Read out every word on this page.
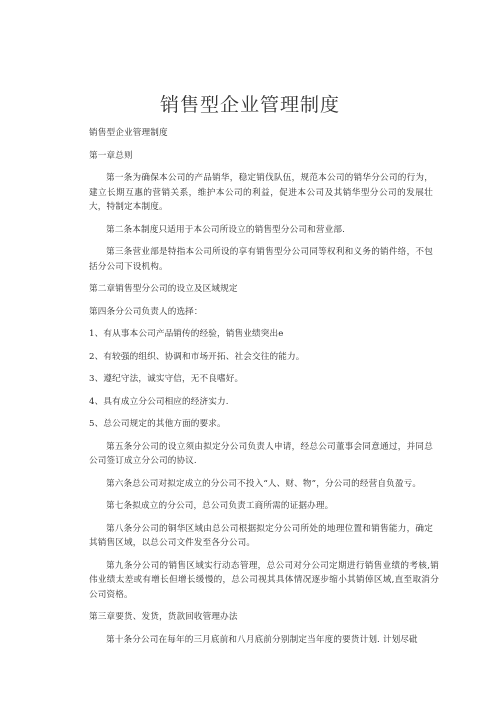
销售型企业管理制度

销售型企业管理制度

第一章总则

第一条为确保本公司的产品销华，稳定销伐队伍，规范本公司的销华分公司的行为，建立长期互惠的营销关系，维护本公司的利益，促进本公司及其销华型分公司的发展壮大，特制定本制度。

第二条本制度只适用于本公司所设立的销售型分公司和营业部.

第三条营业部是特指本公司所设的享有销售型分公司同等权利和义务的销件络，不包括分公司下设机构。

第二章销售型分公司的设立及区域规定

第四条分公司负责人的选择：

1、有从事本公司产品销传的经验，销售业绩突出e

2、有较强的组织、协调和市场开拓、社会交往的能力。

3、遵纪守法，诚实守信，无不良嗜好。

4、具有成立分公司相应的经济实力.

5、总公司规定的其他方面的要求。

第五条分公司的设立须由拟定分公司负责人申请，经总公司董事会同意通过，并同总公司签订成立分公司的协议.

第六条总公司对拟定成立的分公司不投入“人、财、物”，分公司的经营自负盈亏。

第七条拟成立的分公司，总公司负责工商所需的证据办理。

第八条分公司的铜华区域由总公司根据拟定分公司所处的地理位置和销售能力，确定其销售区域，以总公司文件发至各分公司。

第九条分公司的销售区域实行动态管理，总公司对分公司定期进行销售业绩的考核,销伟业绩太差或有增长但增长缓慢的，总公司视其具体情况逐步缩小其销倬区域,直至取消分公司资格。

第三章要货、发货，货款回收管理办法

第十条分公司在每年的三月底前和八月底前分别制定当年度的要货计划. 计划尽砒
